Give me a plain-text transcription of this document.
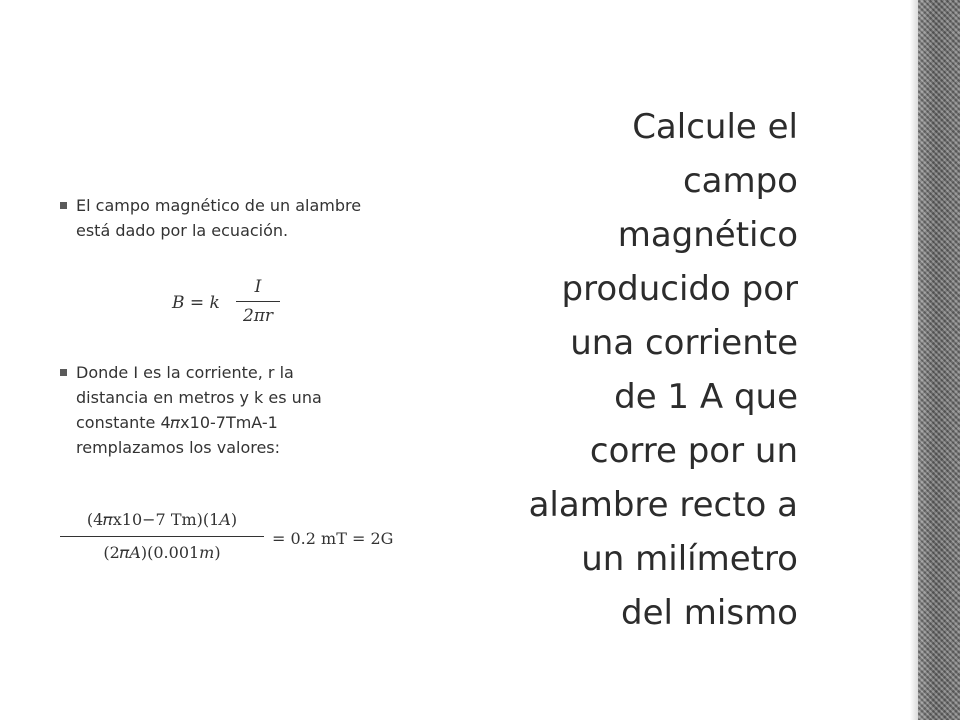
Calcule el
campo
magnético
producido por
una corriente
de 1 A que
corre por un
alambre recto a
un milímetro
del mismo
El campo magnético de un alambre
está dado por la ecuación.
𝐵 = 𝑘
𝐼
2𝜋𝑟
Donde I es la corriente, r la
distancia en metros y k es una
constante 4𝜋x10-7TmA-1
remplazamos los valores:
(4𝜋x10−7 Tm)(1𝐴)
(2𝜋𝐴)(0.001𝑚)
= 0.2 mT = 2G
